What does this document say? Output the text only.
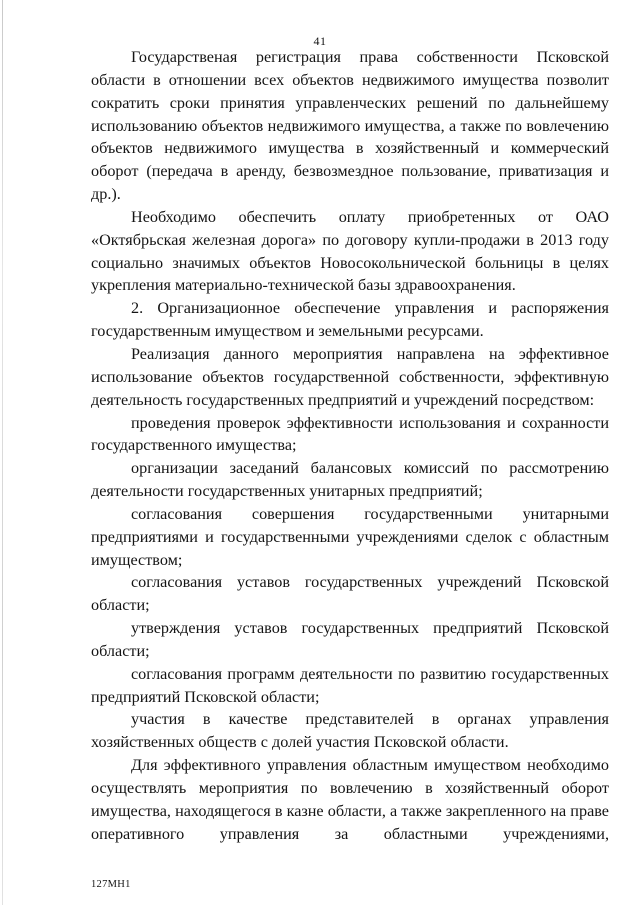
41

Государственая регистрация права собственности Псковской области в отношении всех объектов недвижимого имущества позволит сократить сроки принятия управленческих решений по дальнейшему использованию объектов недвижимого имущества, а также по вовлечению объектов недвижимого имущества в хозяйственный и коммерческий оборот (передача в аренду, безвозмездное пользование, приватизация и др.).

Необходимо обеспечить оплату приобретенных от ОАО «Октябрьская железная дорога» по договору купли-продажи в 2013 году социально значимых объектов Новосокольнической больницы в целях укрепления материально-технической базы здравоохранения.

2. Организационное обеспечение управления и распоряжения государственным имуществом и земельными ресурсами.

Реализация данного мероприятия направлена на эффективное использование объектов государственной собственности, эффективную деятельность государственных предприятий и учреждений посредством:

проведения проверок эффективности использования и сохранности государственного имущества;

организации заседаний балансовых комиссий по рассмотрению деятельности государственных унитарных предприятий;

согласования совершения государственными унитарными предприятиями и государственными учреждениями сделок с областным имуществом;

согласования уставов государственных учреждений Псковской области;

утверждения уставов государственных предприятий Псковской области;

согласования программ деятельности по развитию государственных предприятий Псковской области;

участия в качестве представителей в органах управления хозяйственных обществ с долей участия Псковской области.

Для эффективного управления областным имуществом необходимо осуществлять мероприятия по вовлечению в хозяйственный оборот имущества, находящегося в казне области, а также закрепленного на праве оперативного управления за областными учреждениями,

127МН1
